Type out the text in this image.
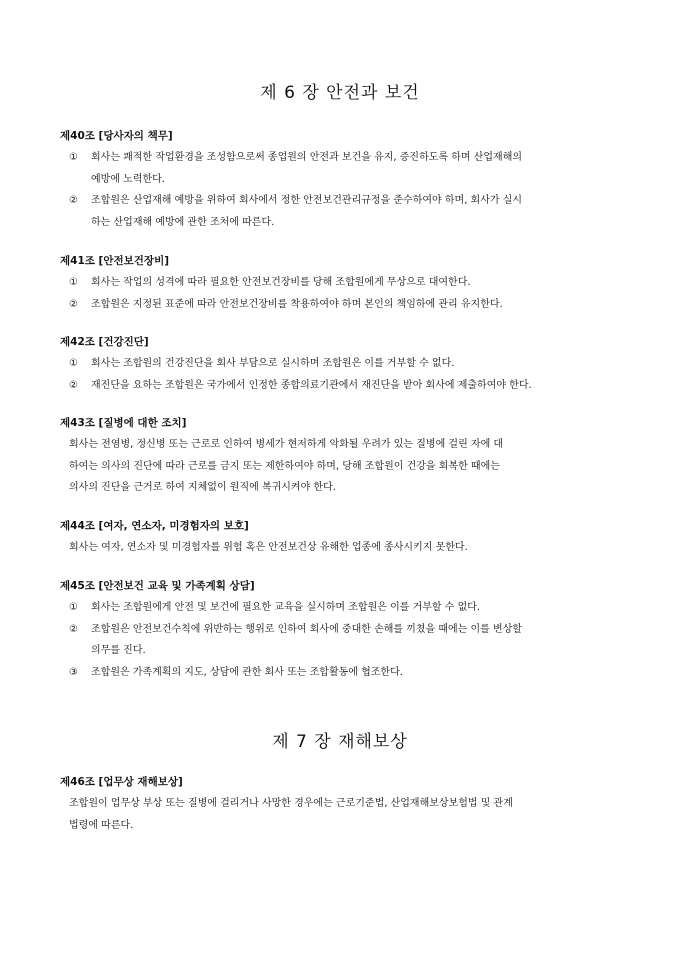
제 6 장 안전과 보건
제40조 [당사자의 책무]
①	회사는 쾌적한 작업환경을 조성함으로써 종업원의 안전과 보건을 유지, 증진하도록 하며 산업재해의
예방에 노력한다.
②	조합원은 산업재해 예방을 위하여 회사에서 정한 안전보건관리규정을 준수하여야 하며, 회사가 실시
하는 산업재해 예방에 관한 조처에 따른다.
제41조 [안전보건장비]
①	회사는 작업의 성격에 따라 필요한 안전보건장비를 당해 조합원에게 무상으로 대여한다.
②	조합원은 지정된 표준에 따라 안전보건장비를 착용하여야 하며 본인의 책임하에 관리 유지한다.
제42조 [건강진단]
①	회사는 조합원의 건강진단을 회사 부담으로 실시하며 조합원은 이를 거부할 수 없다.
②	재진단을 요하는 조합원은 국가에서 인정한 종합의료기관에서 재진단을 받아 회사에 제출하여야 한다.
제43조 [질병에 대한 조치]
회사는 전염병, 정신병 또는 근로로 인하여 병세가 현저하게 악화될 우려가 있는 질병에 걸린 자에 대
하여는 의사의 진단에 따라 근로를 금지 또는 제한하여야 하며, 당해 조합원이 건강을 회복한 때에는
의사의 진단을 근거로 하여 지체없이 원직에 복귀시켜야 한다.
제44조 [여자, 연소자, 미경험자의 보호]
회사는 여자, 연소자 및 미경험자를 위험 혹은 안전보건상 유해한 업종에 종사시키지 못한다.
제45조 [안전보건 교육 및 가족계획 상담]
①	회사는 조합원에게 안전 및 보건에 필요한 교육을 실시하며 조합원은 이를 거부할 수 없다.
②	조합원은 안전보건수칙에 위반하는 행위로 인하여 회사에 중대한 손해를 끼쳤을 때에는 이를 변상할
의무를 진다.
③	조합원은 가족계획의 지도, 상담에 관한 회사 또는 조합활동에 협조한다.
제 7 장 재해보상
제46조 [업무상 재해보상]
조합원이 업무상 부상 또는 질병에 걸리거나 사망한 경우에는 근로기준법, 산업재해보상보험법 및 관계
법령에 따른다.
